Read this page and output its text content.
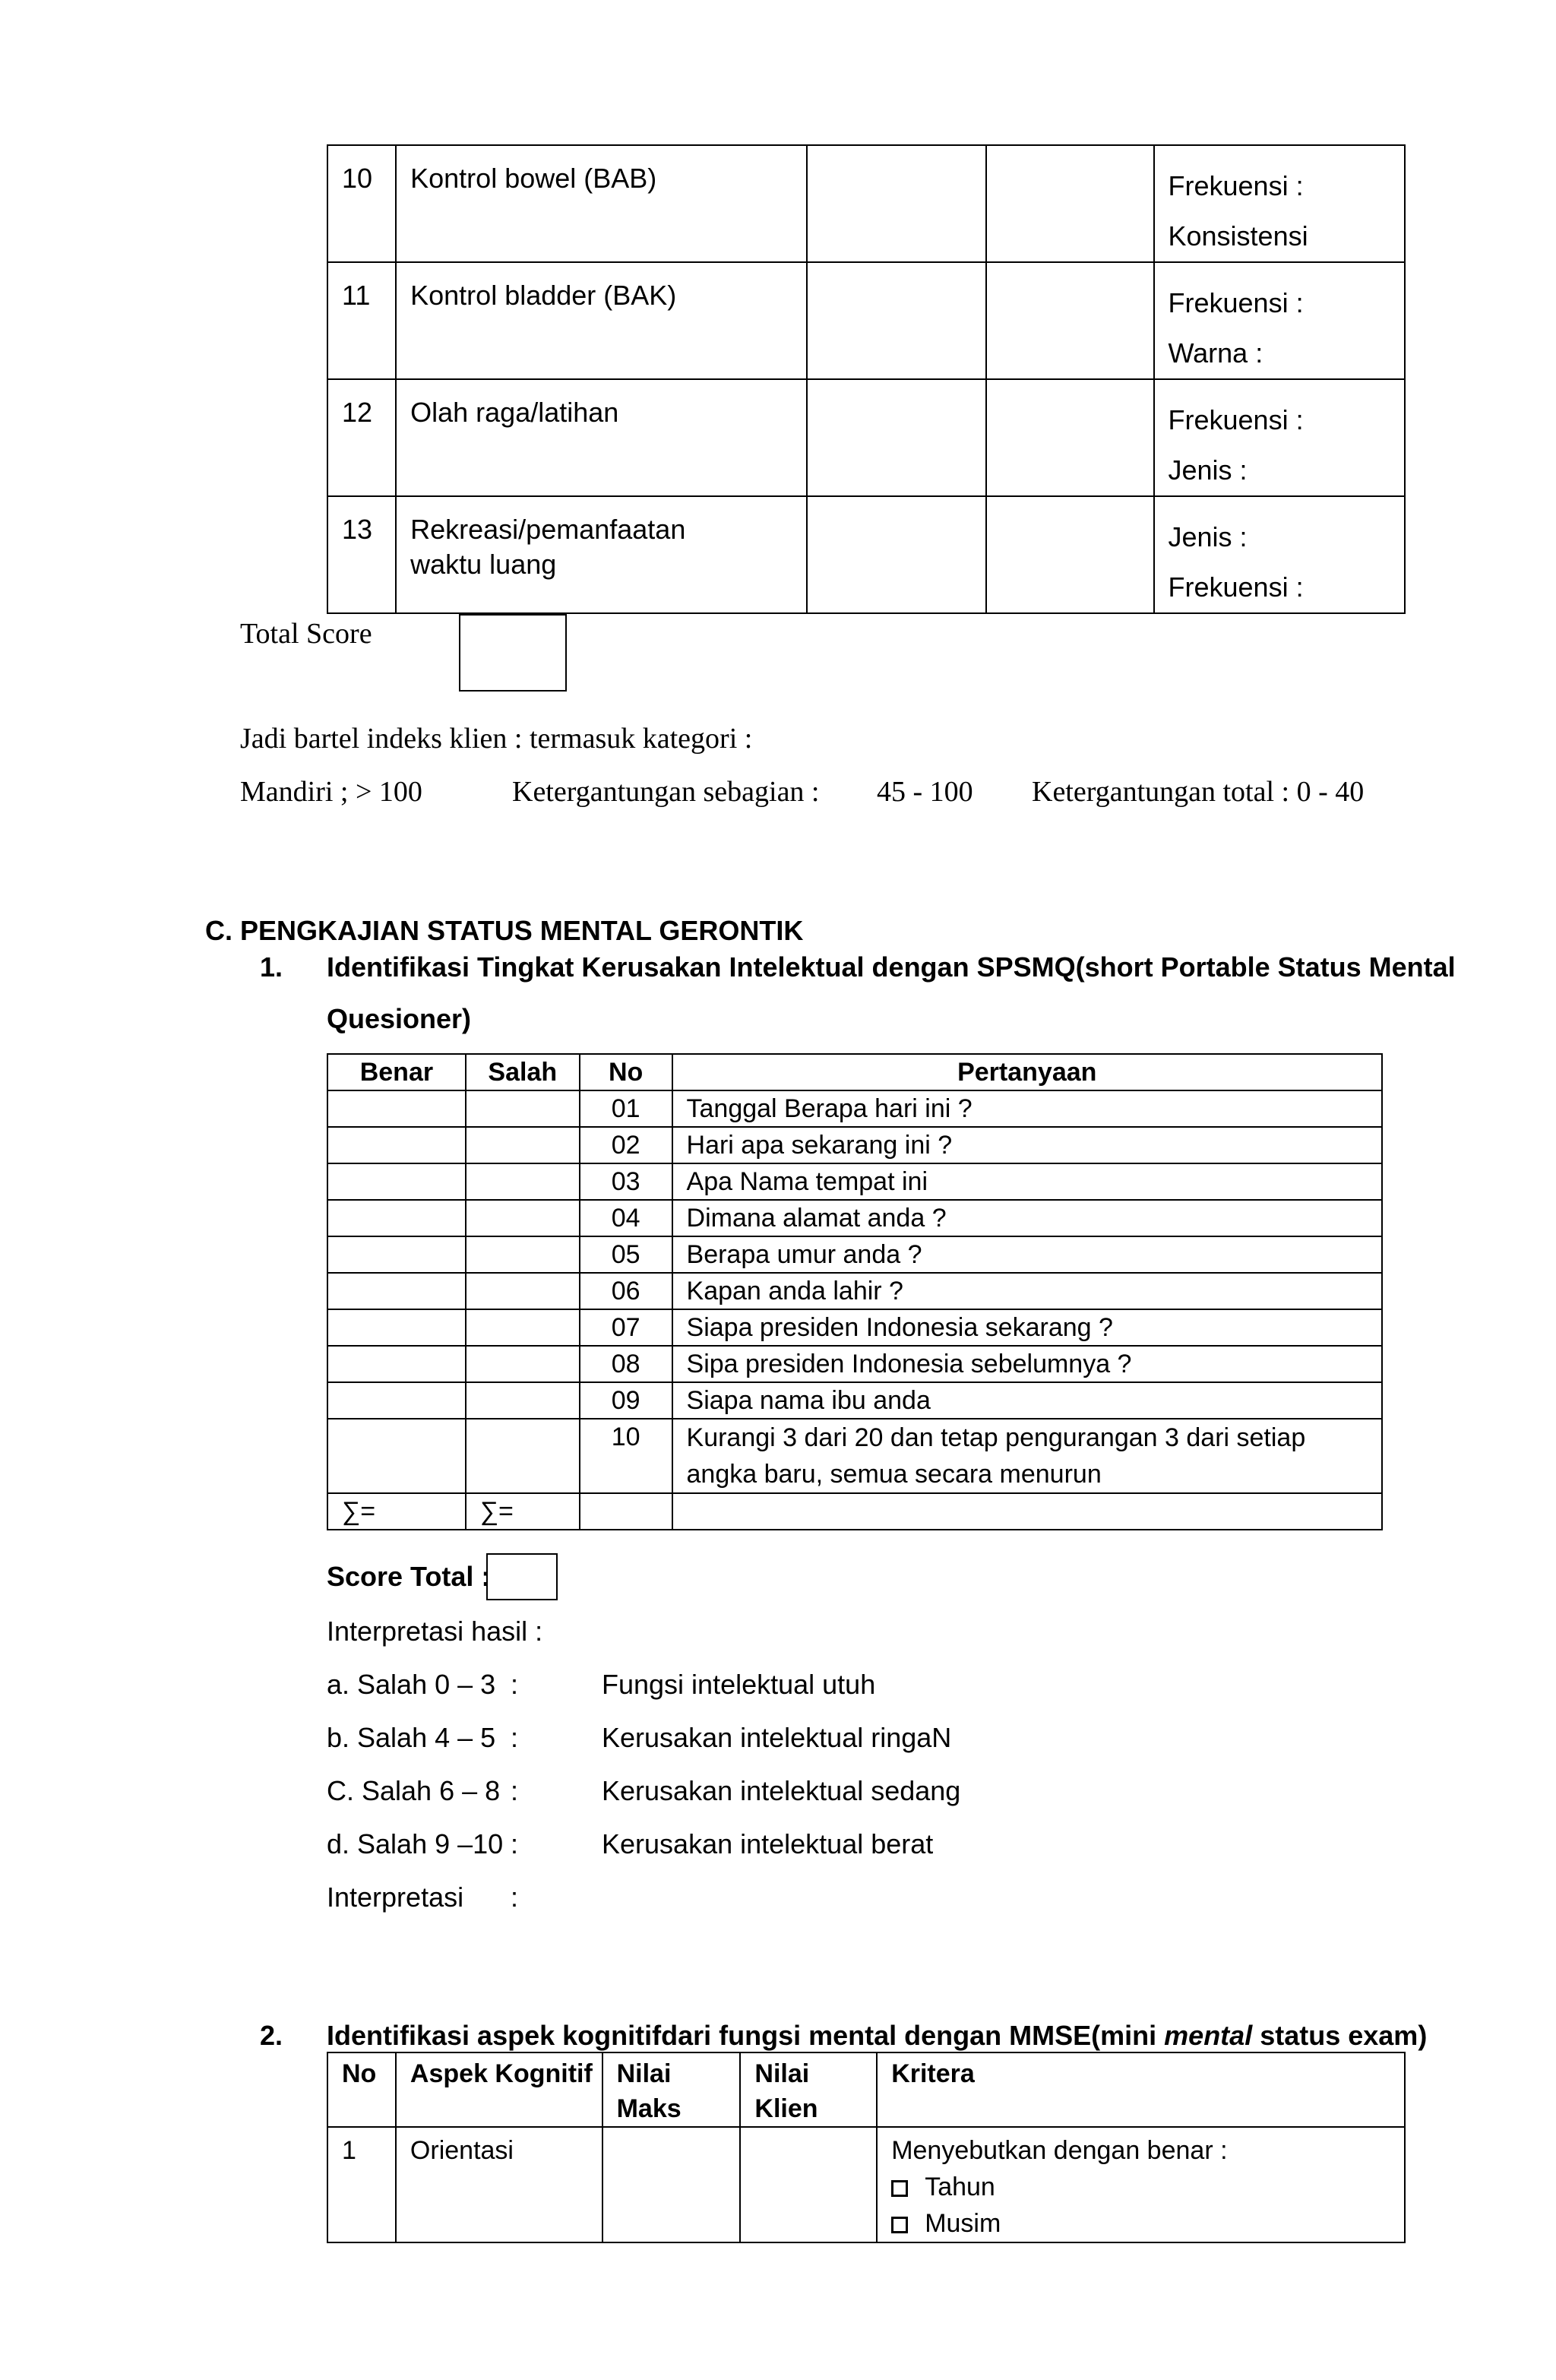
10	Kontrol bowel (BAB)			Frekuensi :
Konsistensi

11	Kontrol bladder (BAK)			Frekuensi :
Warna :

12	Olah raga/latihan			Frekuensi :
Jenis :

13	Rekreasi/pemanfaatan waktu luang			Jenis :
Frekuensi :
Total Score
Jadi bartel indeks klien : termasuk kategori :
Mandiri ; > 100	Ketergantungan sebagian : 45 - 100 Ketergantungan total : 0 - 40
C. PENGKAJIAN STATUS MENTAL GERONTIK
1. Identifikasi Tingkat Kerusakan Intelektual dengan SPSMQ(short Portable Status Mental
Quesioner)
Benar	Salah	No	Pertanyaan
		01	Tanggal Berapa hari ini ?
		02	Hari apa sekarang ini ?
		03	Apa Nama tempat ini
		04	Dimana alamat anda ?
		05	Berapa umur anda ?
		06	Kapan anda lahir ?
		07	Siapa presiden Indonesia sekarang ?
		08	Sipa presiden Indonesia sebelumnya ?
		09	Siapa nama ibu anda
		10	Kurangi 3 dari 20 dan tetap pengurangan 3 dari setiap angka baru, semua secara menurun
∑=	∑=		
Score Total :
Interpretasi hasil :
a. Salah 0 – 3 :	Fungsi intelektual utuh
b. Salah 4 – 5 :	Kerusakan intelektual ringaN
C. Salah 6 – 8 :	Kerusakan intelektual sedang
d. Salah 9 –10 :	Kerusakan intelektual berat
Interpretasi :
2. Identifikasi aspek kognitifdari fungsi mental dengan MMSE(mini mental status exam)
No	Aspek Kognitif	Nilai Maks	Nilai Klien	Kritera
1	Orientasi			Menyebutkan dengan benar :
Tahun
Musim
